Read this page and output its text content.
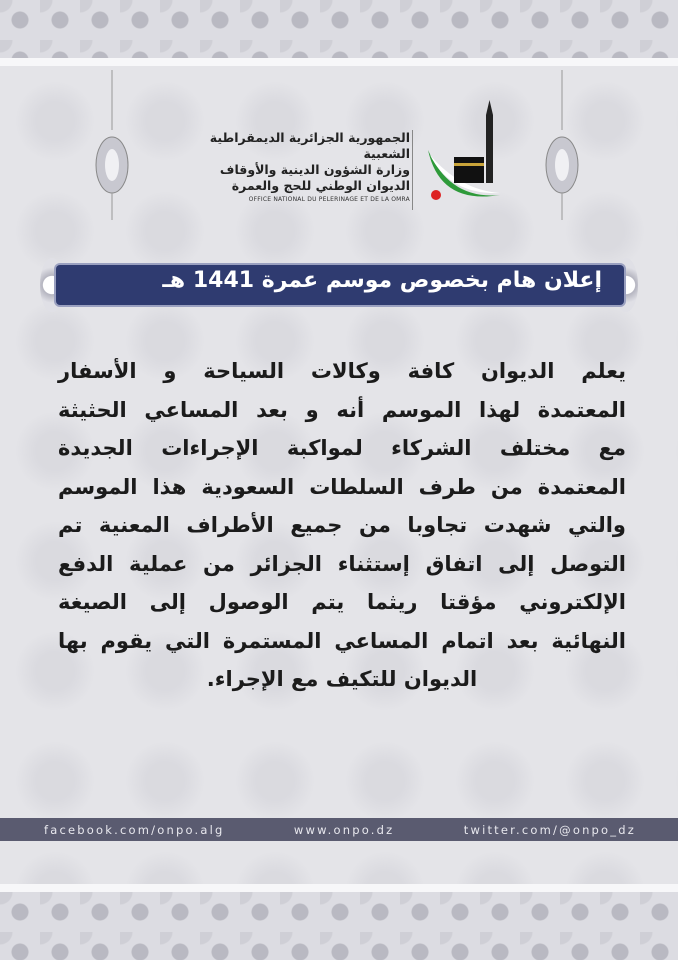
الجمهورية الجزائرية الديمقراطية الشعبية
وزارة الشؤون الدينية والأوقاف
الديوان الوطني للحج والعمرة
OFFICE NATIONAL DU PELERINAGE ET DE LA OMRA
إعلان هام بخصوص موسم عمرة 1441 هـ
يعلم الديوان كافة وكالات السياحة و الأسفار
المعتمدة لهذا الموسم أنه و بعد المساعي الحثيثة
مع مختلف الشركاء لمواكبة الإجراءات الجديدة
المعتمدة من طرف السلطات السعودية هذا الموسم
والتي شهدت تجاوبا من جميع الأطراف المعنية تم
التوصل إلى اتفاق إستثناء الجزائر من عملية الدفع
الإلكتروني مؤقتا ريثما يتم الوصول إلى الصيغة
النهائية بعد اتمام المساعي المستمرة التي يقوم بها
الديوان للتكيف مع الإجراء.
facebook.com/onpo.alg	www.onpo.dz	twitter.com/@onpo_dz
